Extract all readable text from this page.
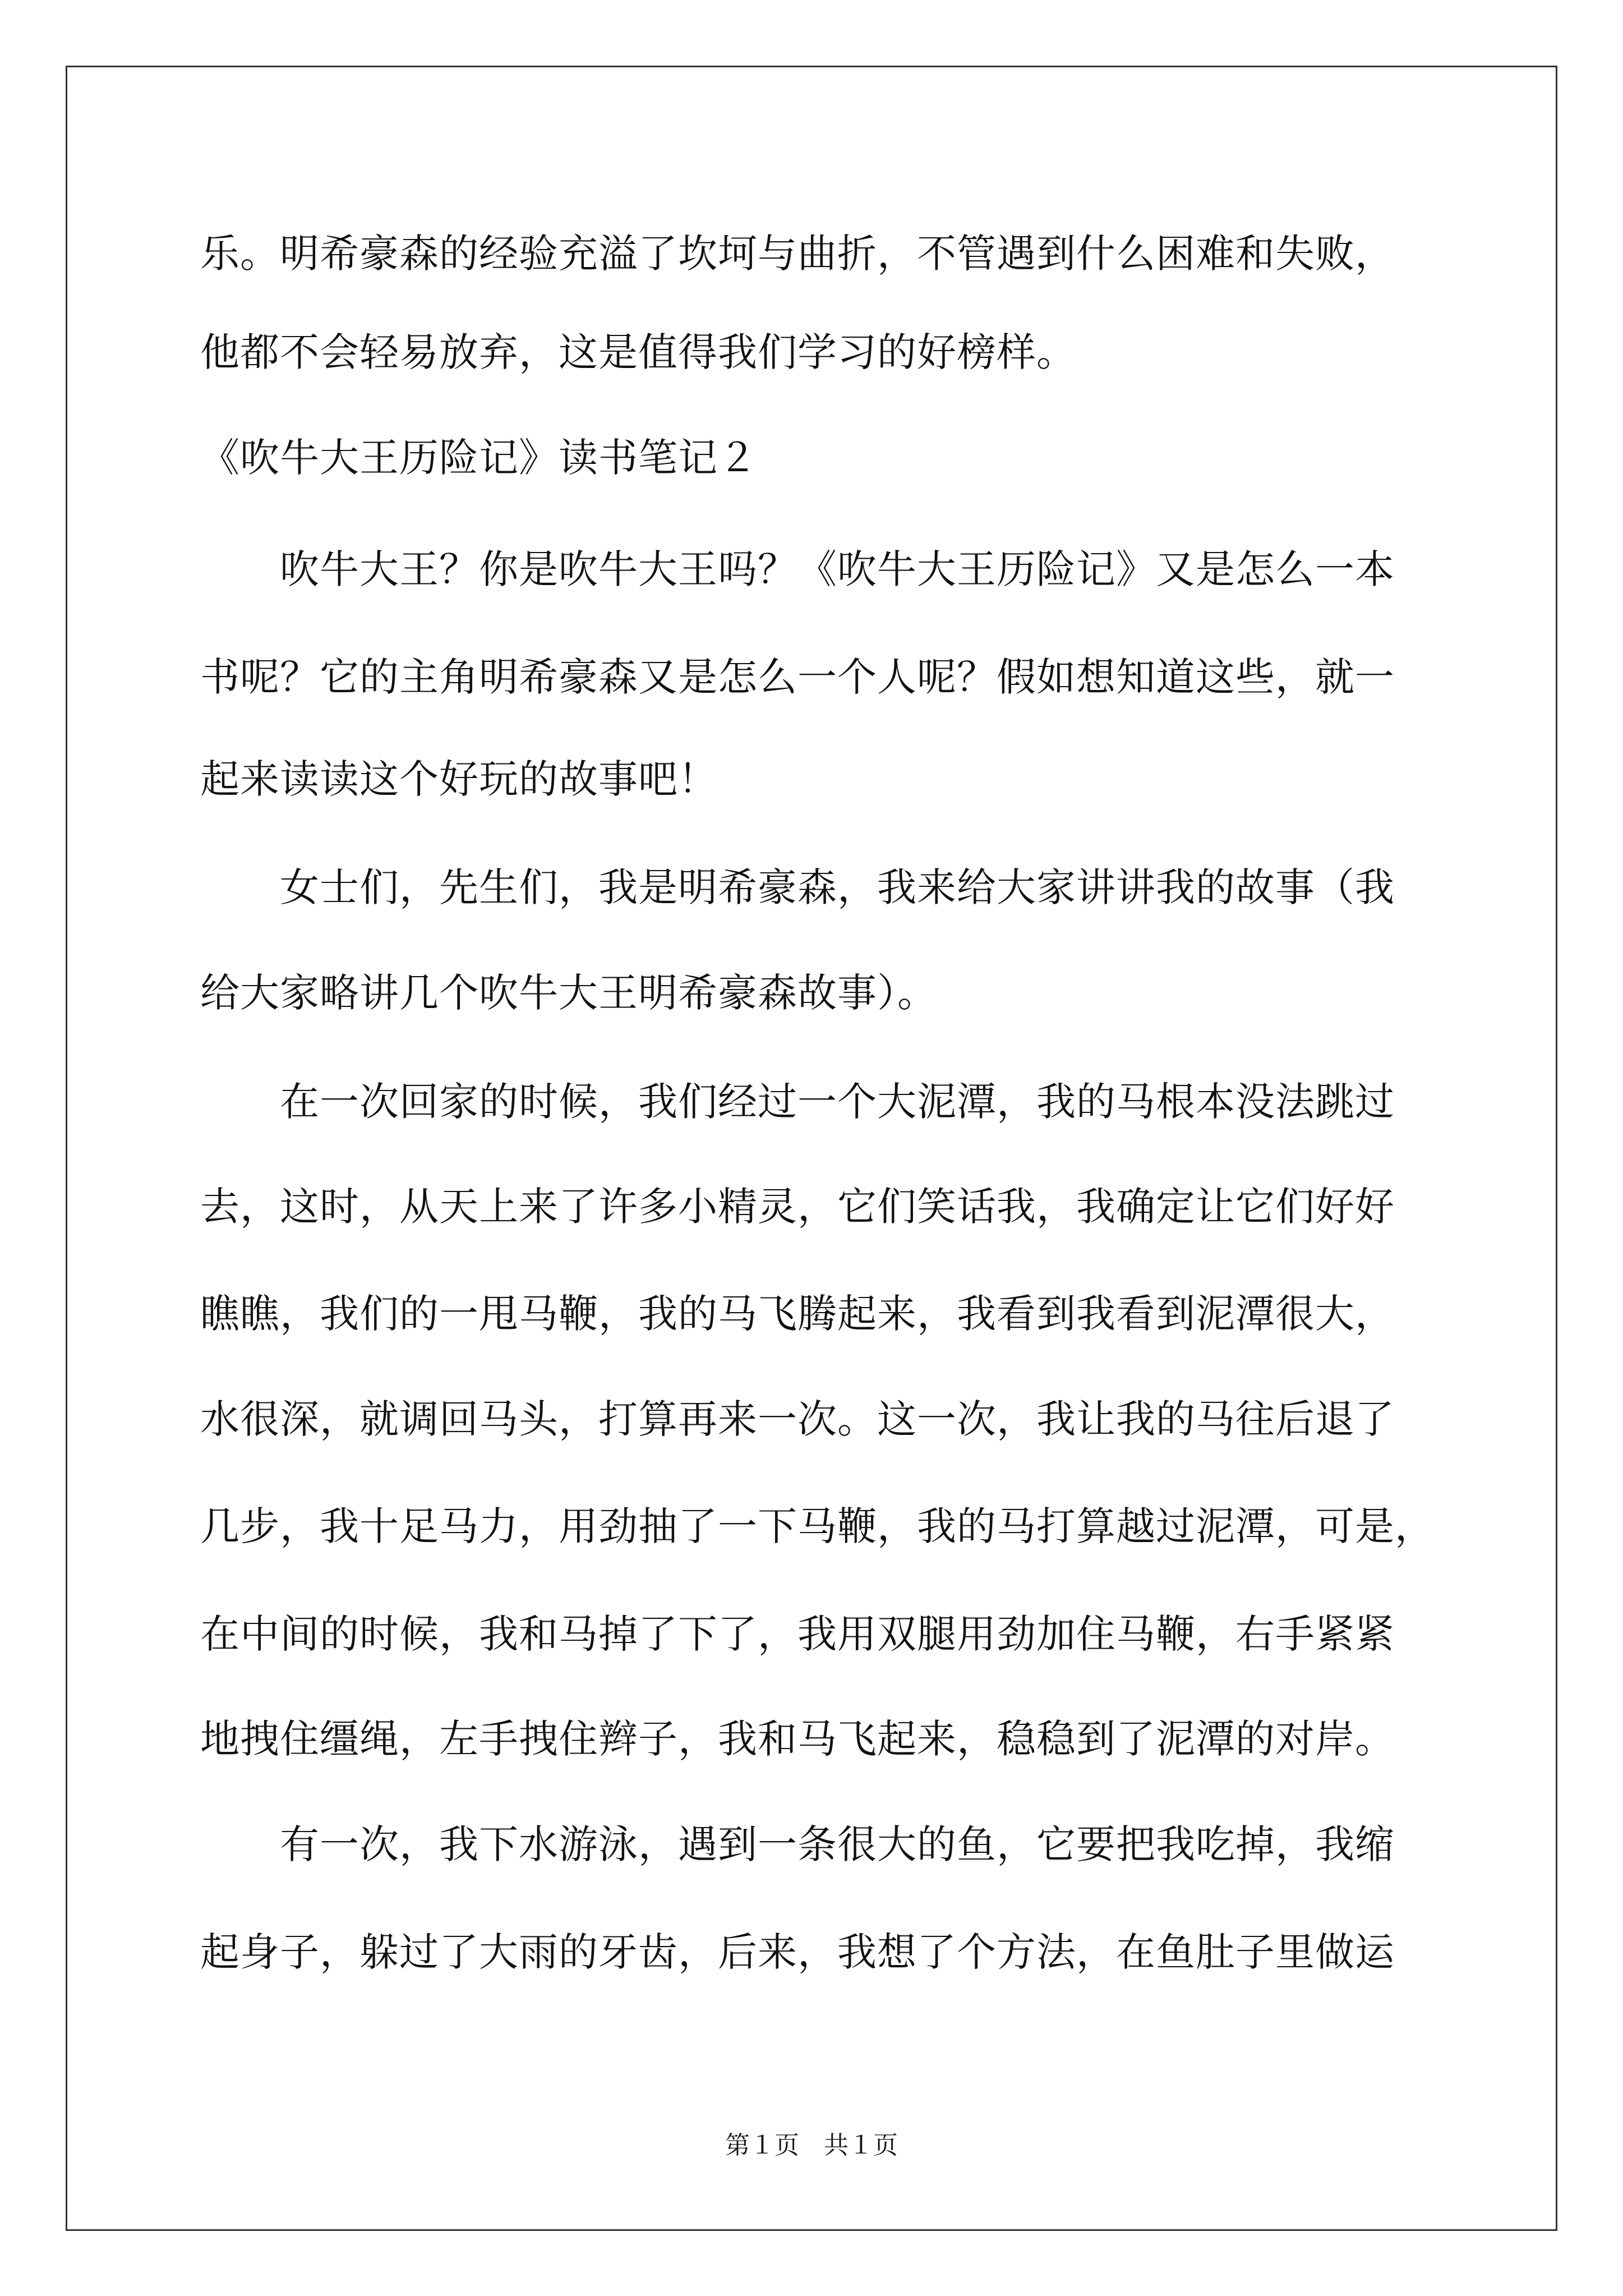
乐。明希豪森的经验充溢了坎坷与曲折，不管遇到什么困难和失败，
他都不会轻易放弃，这是值得我们学习的好榜样。
《吹牛大王历险记》读书笔记２
　　吹牛大王？你是吹牛大王吗？《吹牛大王历险记》又是怎么一本
书呢？它的主角明希豪森又是怎么一个人呢？假如想知道这些，就一
起来读读这个好玩的故事吧！
　　女士们，先生们，我是明希豪森，我来给大家讲讲我的故事（我
给大家略讲几个吹牛大王明希豪森故事）。
　　在一次回家的时候，我们经过一个大泥潭，我的马根本没法跳过
去，这时，从天上来了许多小精灵，它们笑话我，我确定让它们好好
瞧瞧，我们的一甩马鞭，我的马飞腾起来，我看到我看到泥潭很大，
水很深，就调回马头，打算再来一次。这一次，我让我的马往后退了
几步，我十足马力，用劲抽了一下马鞭，我的马打算越过泥潭，可是，
在中间的时候，我和马掉了下了，我用双腿用劲加住马鞭，右手紧紧
地拽住缰绳，左手拽住辫子，我和马飞起来，稳稳到了泥潭的对岸。
　　有一次，我下水游泳，遇到一条很大的鱼，它要把我吃掉，我缩
起身子，躲过了大雨的牙齿，后来，我想了个方法，在鱼肚子里做运
第１页　共１页
